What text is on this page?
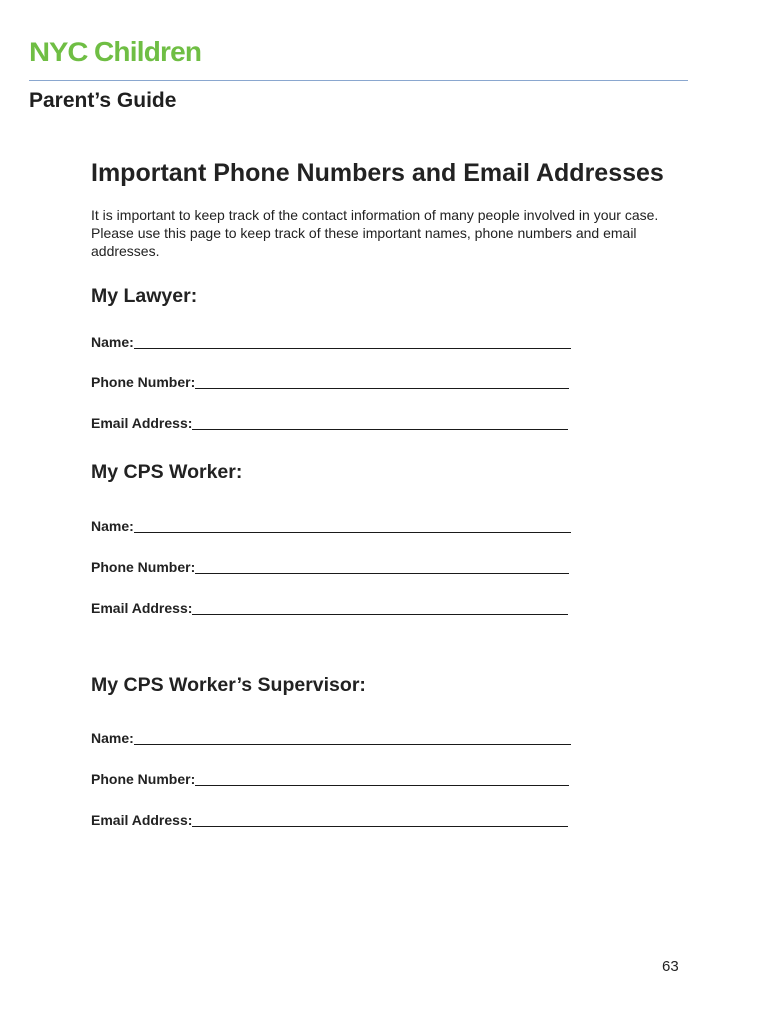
NYC Children
Parent’s Guide
Important Phone Numbers and Email Addresses
It is important to keep track of the contact information of many people involved in your case. Please use this page to keep track of these important names, phone numbers and email addresses.
My Lawyer:
Name:
Phone Number:
Email Address:
My CPS Worker:
Name:
Phone Number:
Email Address:
My CPS Worker’s Supervisor:
Name:
Phone Number:
Email Address:
63
